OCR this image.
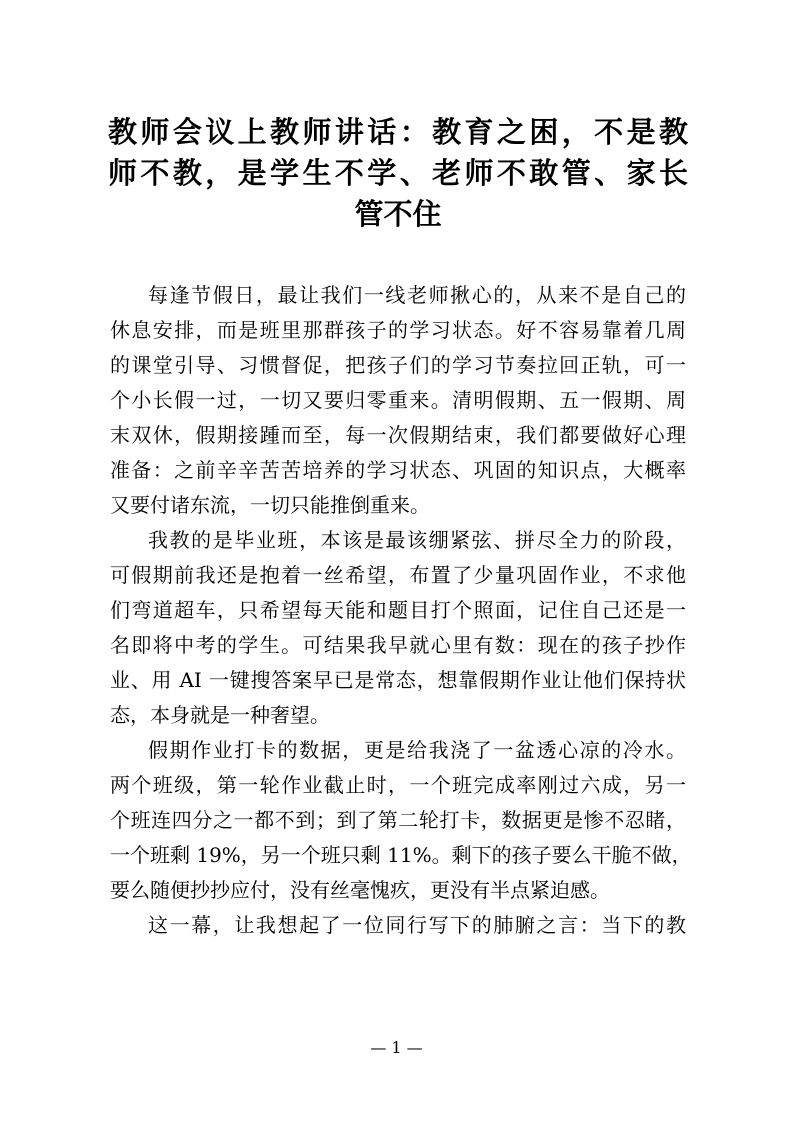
教师会议上教师讲话：教育之困，不是教
师不教，是学生不学、老师不敢管、家长
管不住
每逢节假日，最让我们一线老师揪心的，从来不是自己的
休息安排，而是班里那群孩子的学习状态。好不容易靠着几周
的课堂引导、习惯督促，把孩子们的学习节奏拉回正轨，可一
个小长假一过，一切又要归零重来。清明假期、五一假期、周
末双休，假期接踵而至，每一次假期结束，我们都要做好心理
准备：之前辛辛苦苦培养的学习状态、巩固的知识点，大概率
又要付诸东流，一切只能推倒重来。
我教的是毕业班，本该是最该绷紧弦、拼尽全力的阶段，
可假期前我还是抱着一丝希望，布置了少量巩固作业，不求他
们弯道超车，只希望每天能和题目打个照面，记住自己还是一
名即将中考的学生。可结果我早就心里有数：现在的孩子抄作
业、用 AI 一键搜答案早已是常态，想靠假期作业让他们保持状
态，本身就是一种奢望。
假期作业打卡的数据，更是给我浇了一盆透心凉的冷水。
两个班级，第一轮作业截止时，一个班完成率刚过六成，另一
个班连四分之一都不到；到了第二轮打卡，数据更是惨不忍睹，
一个班剩 19%，另一个班只剩 11%。剩下的孩子要么干脆不做，
要么随便抄抄应付，没有丝毫愧疚，更没有半点紧迫感。
这一幕，让我想起了一位同行写下的肺腑之言：当下的教
— 1 —
